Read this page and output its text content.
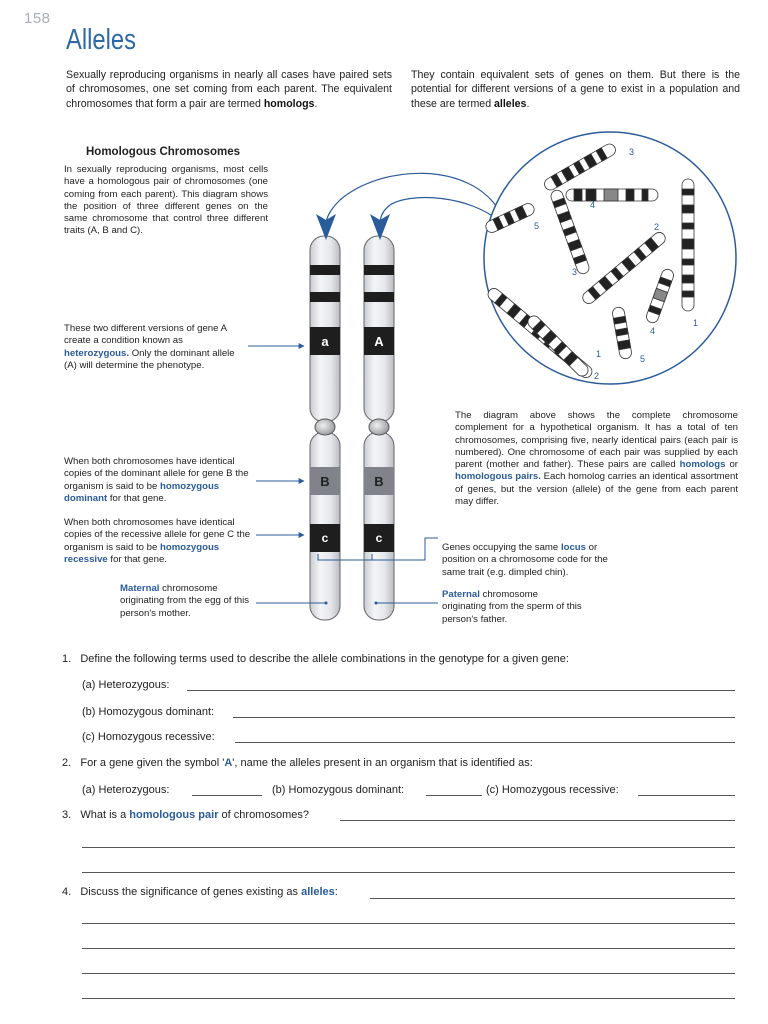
158
Alleles
Sexually reproducing organisms in nearly all cases have paired sets of chromosomes, one set coming from each parent. The equivalent chromosomes that form a pair are termed homologs.
They contain equivalent sets of genes on them. But there is the potential for different versions of a gene to exist in a population and these are termed alleles.
Homologous Chromosomes
In sexually reproducing organisms, most cells have a homologous pair of chromosomes (one coming from each parent). This diagram shows the position of three different genes on the same chromosome that control three different traits (A, B and C).
These two different versions of gene A create a condition known as heterozygous. Only the dominant allele (A) will determine the phenotype.
When both chromosomes have identical copies of the dominant allele for gene B the organism is said to be homozygous dominant for that gene.
When both chromosomes have identical copies of the recessive allele for gene C the organism is said to be homozygous recessive for that gene.
Maternal chromosome originating from the egg of this person's mother.
Paternal chromosome originating from the sperm of this person's father.
Genes occupying the same locus or position on a chromosome code for the same trait (e.g. dimpled chin).
The diagram above shows the complete chromosome complement for a hypothetical organism. It has a total of ten chromosomes, comprising five, nearly identical pairs (each pair is numbered). One chromosome of each pair was supplied by each parent (mother and father). These pairs are called homologs or homologous pairs. Each homolog carries an identical assortment of genes, but the version (allele) of the gene from each parent may differ.
a	A
B	B
c	c
3
4
5	2
3
4
1
1	5
2
1. Define the following terms used to describe the allele combinations in the genotype for a given gene:
(a) Heterozygous:
(b) Homozygous dominant:
(c) Homozygous recessive:
2. For a gene given the symbol 'A', name the alleles present in an organism that is identified as:
(a) Heterozygous:	(b) Homozygous dominant:	(c) Homozygous recessive:
3. What is a homologous pair of chromosomes?
4. Discuss the significance of genes existing as alleles:
